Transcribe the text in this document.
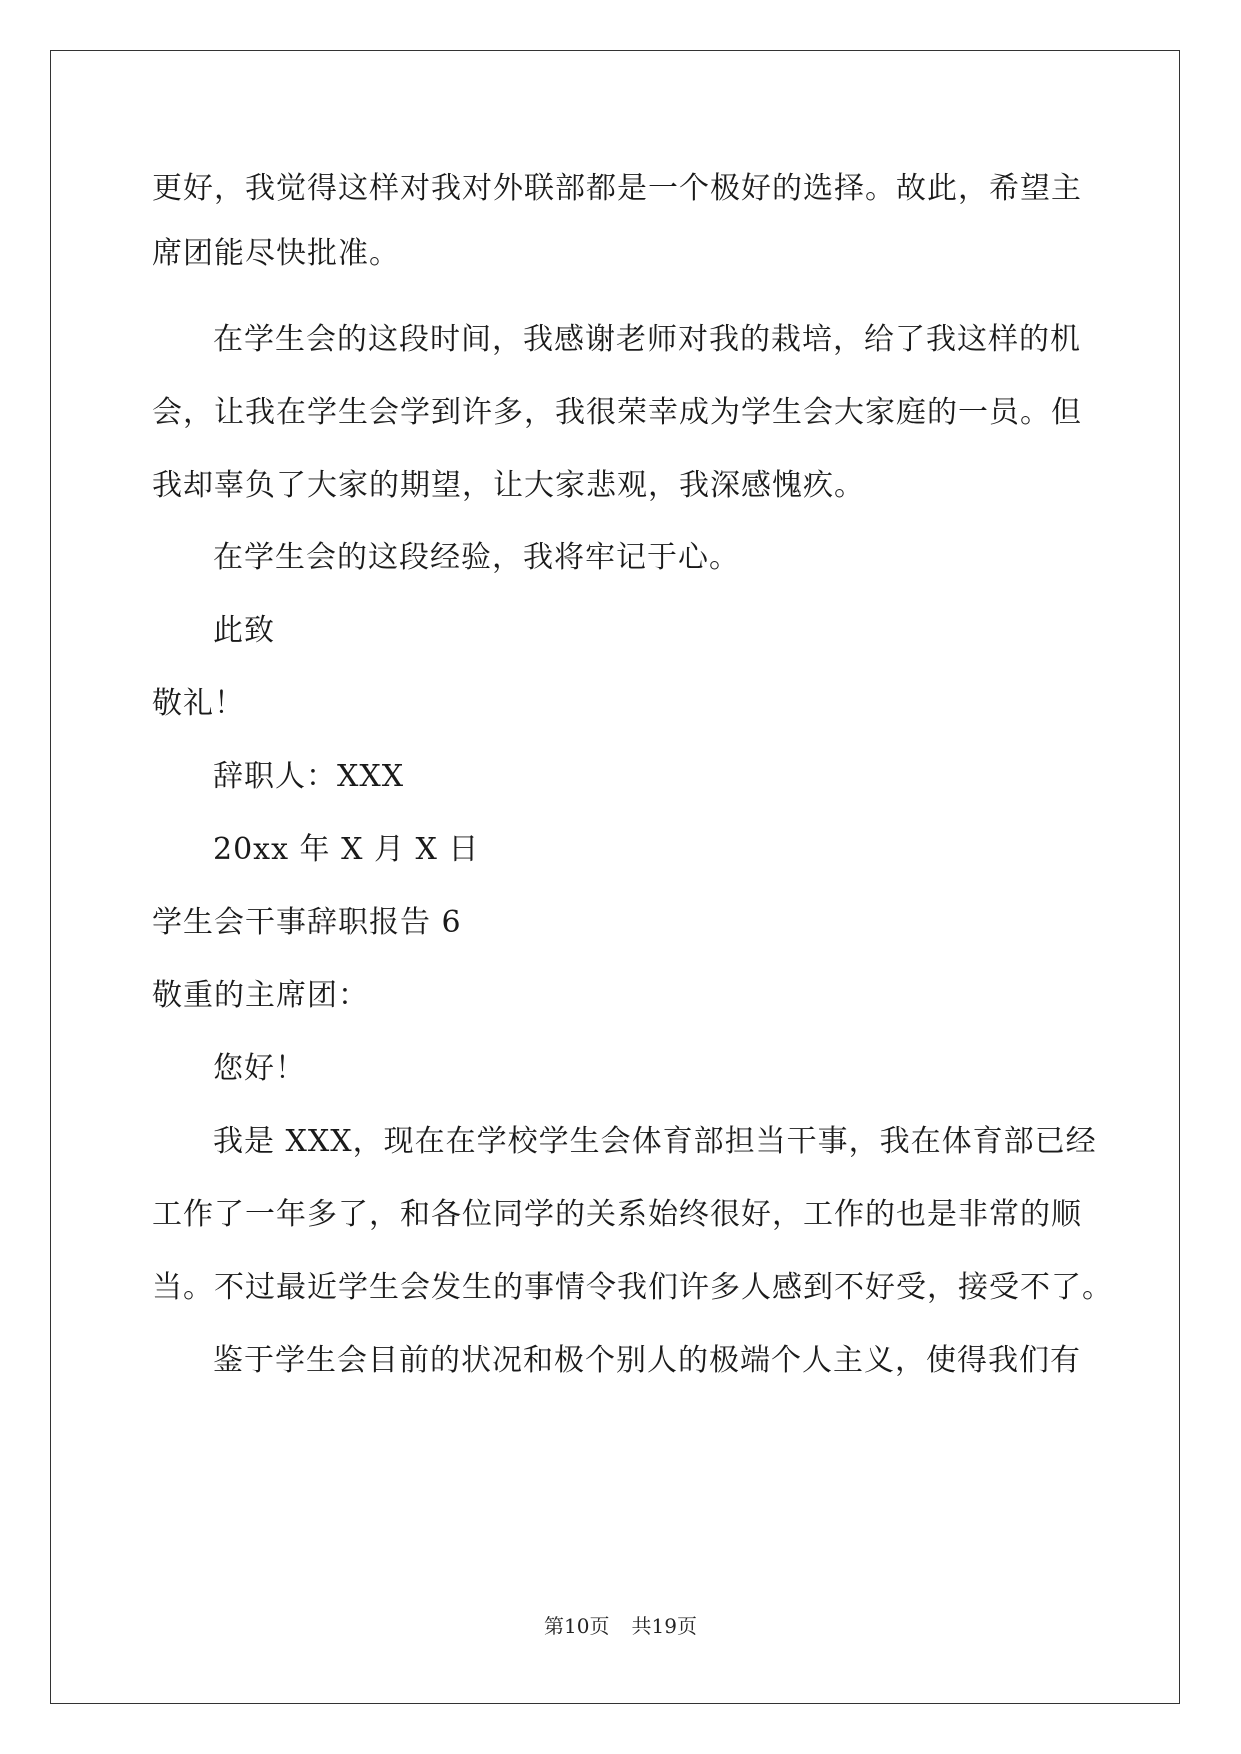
更好，我觉得这样对我对外联部都是一个极好的选择。故此，希望主
席团能尽快批准。
在学生会的这段时间，我感谢老师对我的栽培，给了我这样的机
会，让我在学生会学到许多，我很荣幸成为学生会大家庭的一员。但
我却辜负了大家的期望，让大家悲观，我深感愧疚。
在学生会的这段经验，我将牢记于心。
此致
敬礼！
辞职人：XXX
20xx 年 X 月 X 日
学生会干事辞职报告 6
敬重的主席团：
您好！
我是 XXX，现在在学校学生会体育部担当干事，我在体育部已经
工作了一年多了，和各位同学的关系始终很好，工作的也是非常的顺
当。不过最近学生会发生的事情令我们许多人感到不好受，接受不了。
鉴于学生会目前的状况和极个别人的极端个人主义，使得我们有
第10页 共19页
